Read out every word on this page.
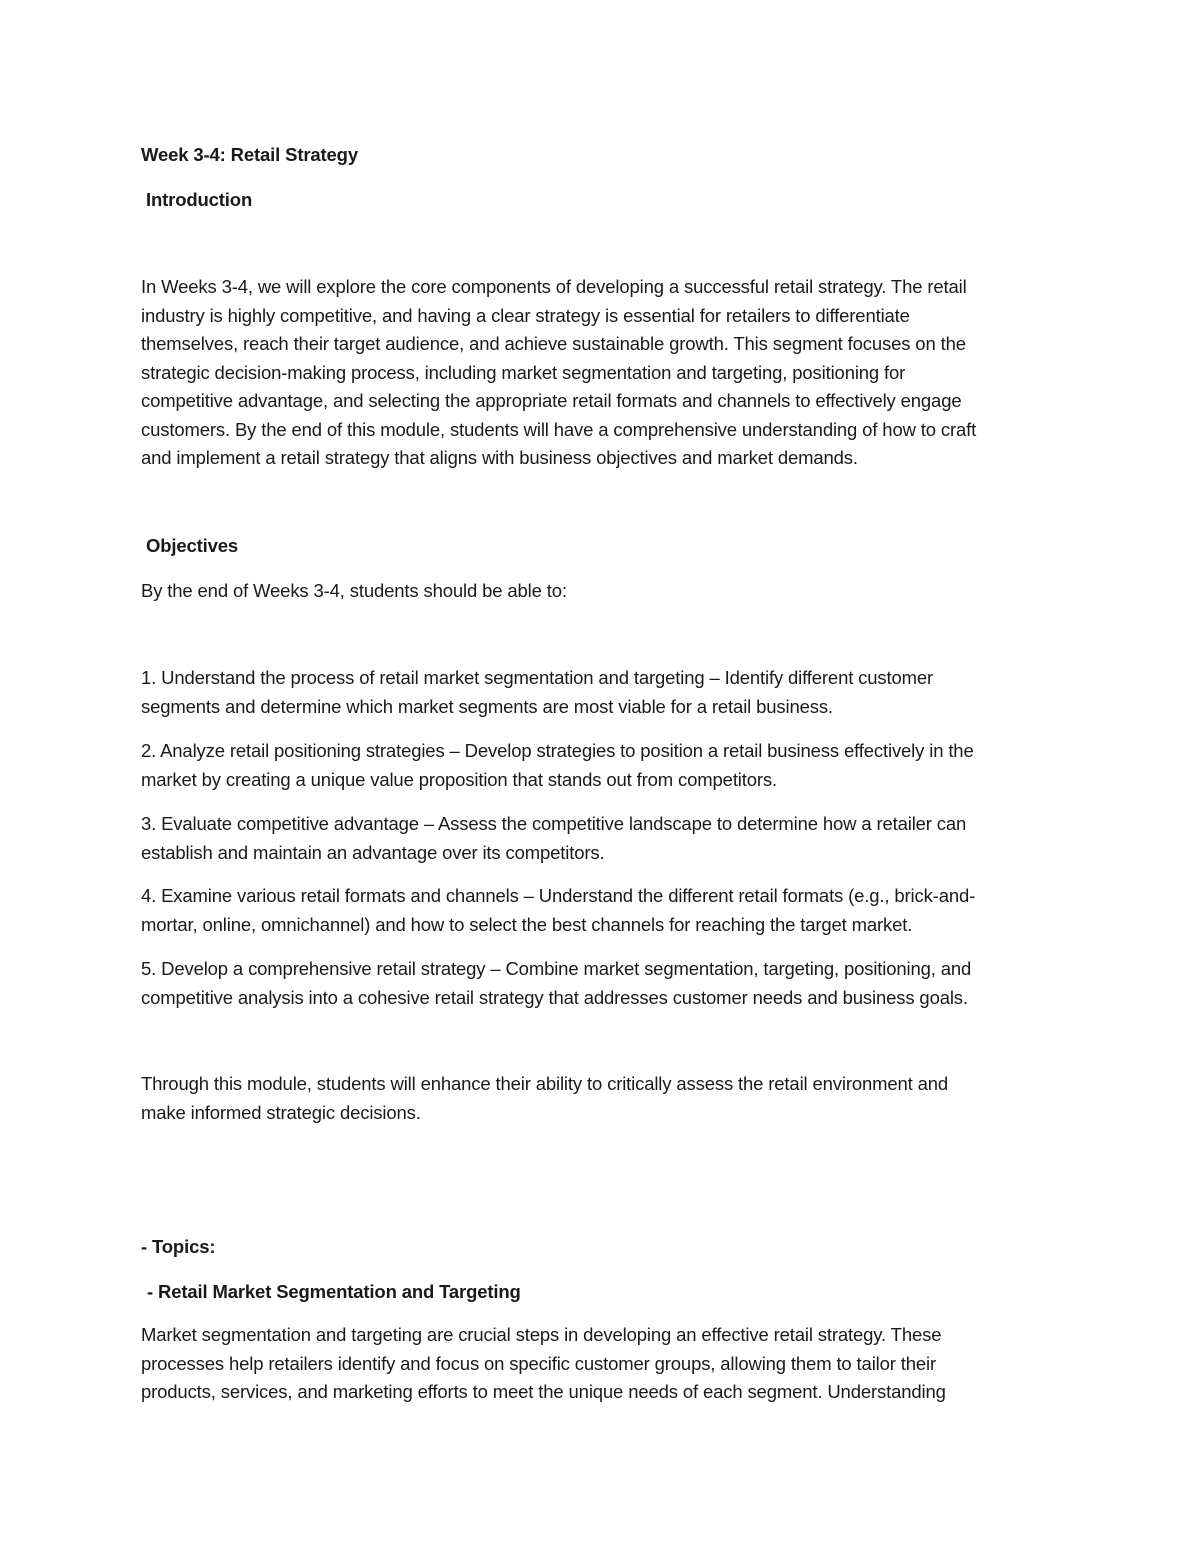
Week 3-4: Retail Strategy
Introduction
In Weeks 3-4, we will explore the core components of developing a successful retail strategy. The retail
industry is highly competitive, and having a clear strategy is essential for retailers to differentiate
themselves, reach their target audience, and achieve sustainable growth. This segment focuses on the
strategic decision-making process, including market segmentation and targeting, positioning for
competitive advantage, and selecting the appropriate retail formats and channels to effectively engage
customers. By the end of this module, students will have a comprehensive understanding of how to craft
and implement a retail strategy that aligns with business objectives and market demands.
Objectives
By the end of Weeks 3-4, students should be able to:
1. Understand the process of retail market segmentation and targeting – Identify different customer
segments and determine which market segments are most viable for a retail business.
2. Analyze retail positioning strategies – Develop strategies to position a retail business effectively in the
market by creating a unique value proposition that stands out from competitors.
3. Evaluate competitive advantage – Assess the competitive landscape to determine how a retailer can
establish and maintain an advantage over its competitors.
4. Examine various retail formats and channels – Understand the different retail formats (e.g., brick-and-
mortar, online, omnichannel) and how to select the best channels for reaching the target market.
5. Develop a comprehensive retail strategy – Combine market segmentation, targeting, positioning, and
competitive analysis into a cohesive retail strategy that addresses customer needs and business goals.
Through this module, students will enhance their ability to critically assess the retail environment and
make informed strategic decisions.
- Topics:
- Retail Market Segmentation and Targeting
Market segmentation and targeting are crucial steps in developing an effective retail strategy. These
processes help retailers identify and focus on specific customer groups, allowing them to tailor their
products, services, and marketing efforts to meet the unique needs of each segment. Understanding
